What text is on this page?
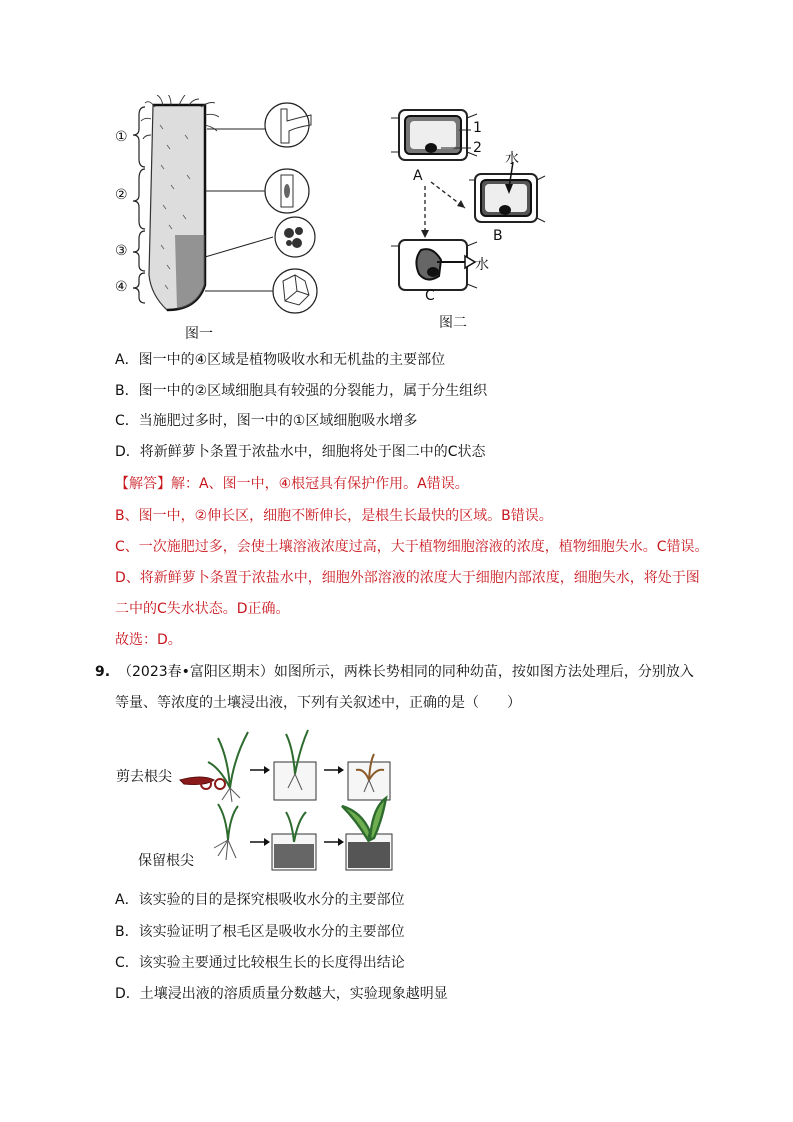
①
②
③
④
图一
1
2
水
A
B
水
C
图二
A．图一中的④区域是植物吸收水和无机盐的主要部位
B．图一中的②区域细胞具有较强的分裂能力，属于分生组织
C．当施肥过多时，图一中的①区域细胞吸水增多
D．将新鲜萝卜条置于浓盐水中，细胞将处于图二中的C状态
【解答】解：A、图一中，④根冠具有保护作用。A错误。
B、图一中，②伸长区，细胞不断伸长，是根生长最快的区域。B错误。
C、一次施肥过多，会使土壤溶液浓度过高，大于植物细胞溶液的浓度，植物细胞失水。C错误。
D、将新鲜萝卜条置于浓盐水中，细胞外部溶液的浓度大于细胞内部浓度，细胞失水，将处于图
二中的C失水状态。D正确。
故选：D。
9. （2023春•富阳区期末）如图所示，两株长势相同的同种幼苗，按如图方法处理后，分别放入
等量、等浓度的土壤浸出液，下列有关叙述中，正确的是（　　）
剪去根尖
保留根尖
A．该实验的目的是探究根吸收水分的主要部位
B．该实验证明了根毛区是吸收水分的主要部位
C．该实验主要通过比较根生长的长度得出结论
D．土壤浸出液的溶质质量分数越大，实验现象越明显
